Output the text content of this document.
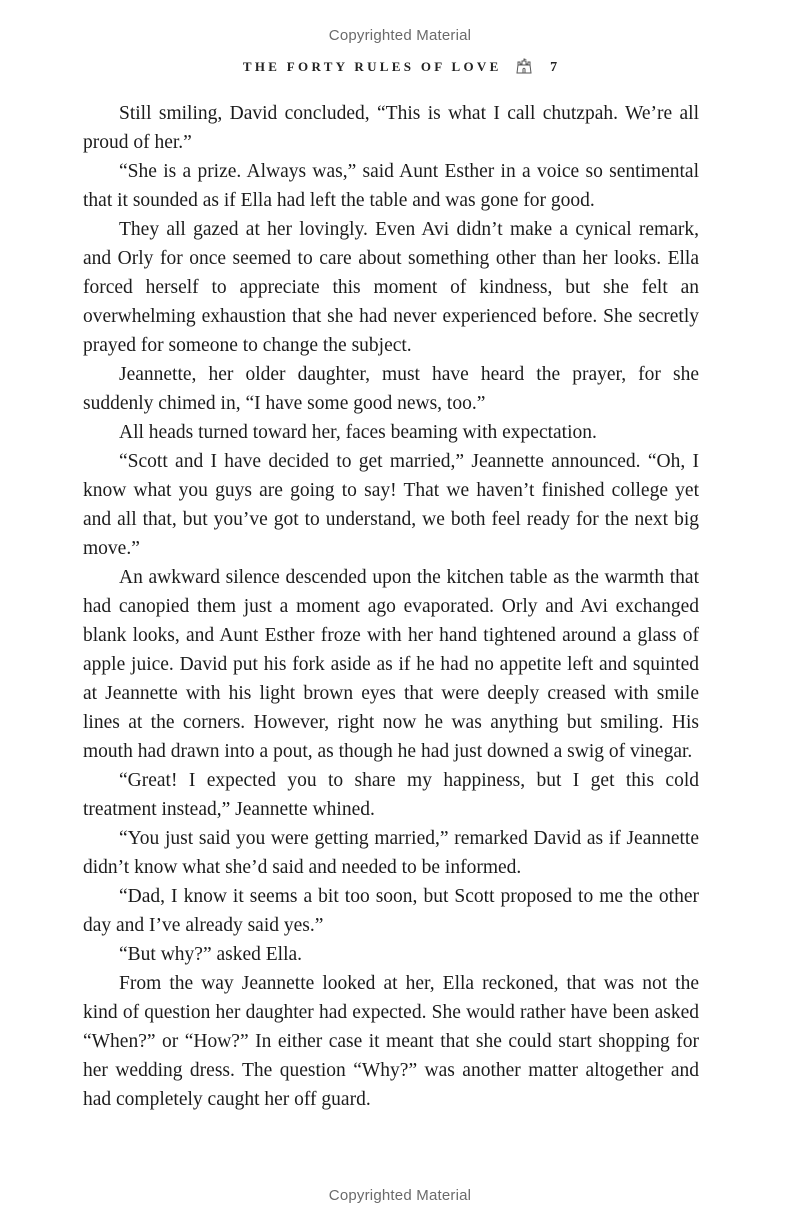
Copyrighted Material
THE FORTY RULES OF LOVE	7

Still smiling, David concluded, “This is what I call chutzpah. We’re all proud of her.”

“She is a prize. Always was,” said Aunt Esther in a voice so sentimental that it sounded as if Ella had left the table and was gone for good.

They all gazed at her lovingly. Even Avi didn’t make a cynical remark, and Orly for once seemed to care about something other than her looks. Ella forced herself to appreciate this moment of kindness, but she felt an overwhelming exhaustion that she had never experienced before. She secretly prayed for someone to change the subject.

Jeannette, her older daughter, must have heard the prayer, for she suddenly chimed in, “I have some good news, too.”

All heads turned toward her, faces beaming with expectation.

“Scott and I have decided to get married,” Jeannette announced. “Oh, I know what you guys are going to say! That we haven’t finished college yet and all that, but you’ve got to understand, we both feel ready for the next big move.”

An awkward silence descended upon the kitchen table as the warmth that had canopied them just a moment ago evaporated. Orly and Avi exchanged blank looks, and Aunt Esther froze with her hand tightened around a glass of apple juice. David put his fork aside as if he had no appetite left and squinted at Jeannette with his light brown eyes that were deeply creased with smile lines at the corners. However, right now he was anything but smiling. His mouth had drawn into a pout, as though he had just downed a swig of vinegar.

“Great! I expected you to share my happiness, but I get this cold treatment instead,” Jeannette whined.

“You just said you were getting married,” remarked David as if Jeannette didn’t know what she’d said and needed to be informed.

“Dad, I know it seems a bit too soon, but Scott proposed to me the other day and I’ve already said yes.”

“But why?” asked Ella.

From the way Jeannette looked at her, Ella reckoned, that was not the kind of question her daughter had expected. She would rather have been asked “When?” or “How?” In either case it meant that she could start shopping for her wedding dress. The question “Why?” was another matter altogether and had completely caught her off guard.

Copyrighted Material
